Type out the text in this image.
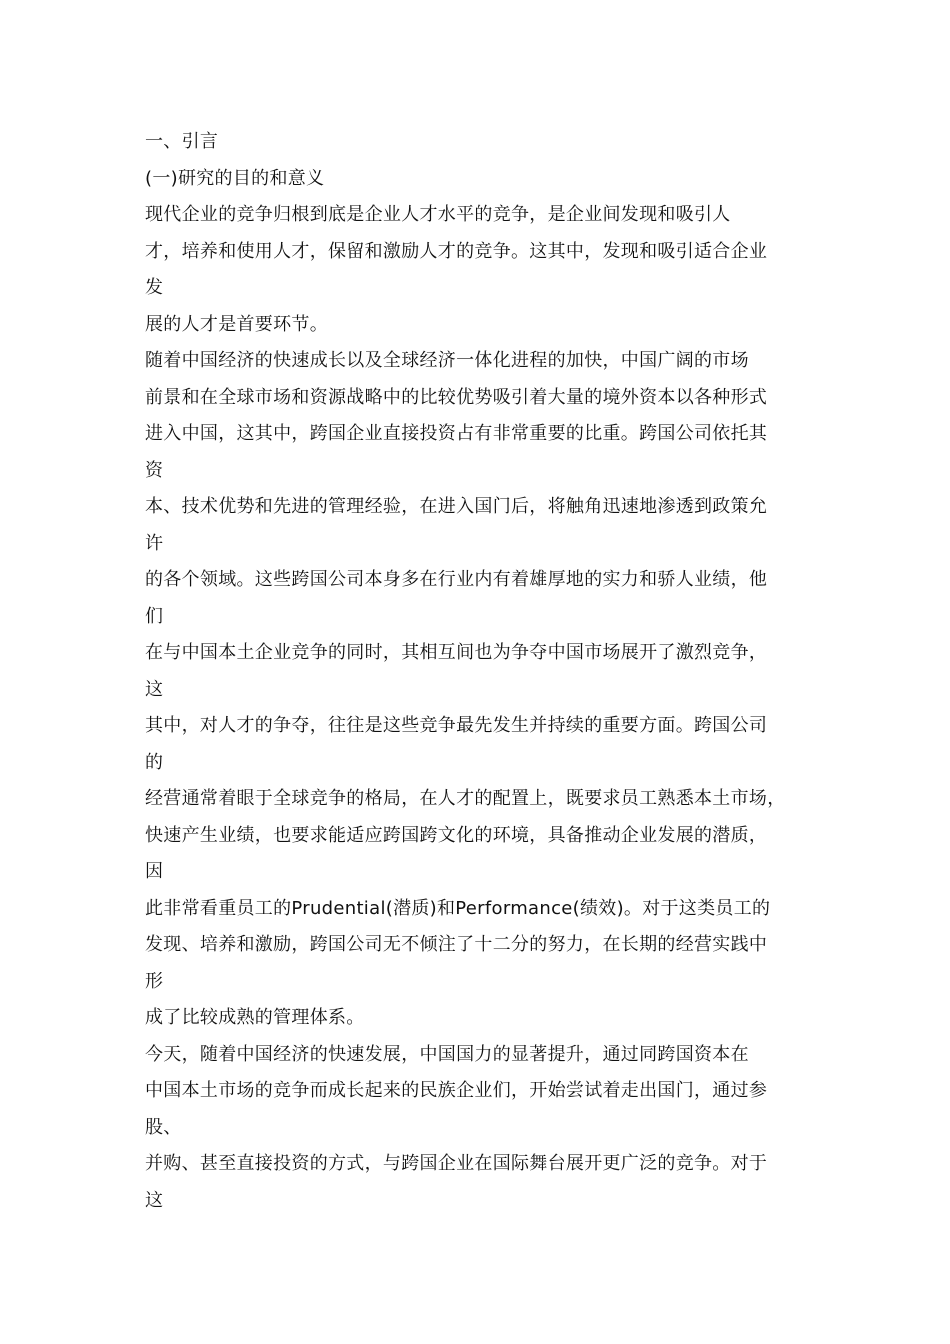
一、引言
(一)研究的目的和意义
现代企业的竞争归根到底是企业人才水平的竞争，是企业间发现和吸引人
才，培养和使用人才，保留和激励人才的竞争。这其中，发现和吸引适合企业
发
展的人才是首要环节。
随着中国经济的快速成长以及全球经济一体化进程的加快，中国广阔的市场
前景和在全球市场和资源战略中的比较优势吸引着大量的境外资本以各种形式
进入中国，这其中，跨国企业直接投资占有非常重要的比重。跨国公司依托其
资
本、技术优势和先进的管理经验，在进入国门后，将触角迅速地渗透到政策允
许
的各个领域。这些跨国公司本身多在行业内有着雄厚地的实力和骄人业绩，他
们
在与中国本土企业竞争的同时，其相互间也为争夺中国市场展开了激烈竞争，
这
其中，对人才的争夺，往往是这些竞争最先发生并持续的重要方面。跨国公司
的
经营通常着眼于全球竞争的格局，在人才的配置上，既要求员工熟悉本土市场，
快速产生业绩，也要求能适应跨国跨文化的环境，具备推动企业发展的潜质，
因
此非常看重员工的Prudential(潜质)和Performance(绩效)。对于这类员工的
发现、培养和激励，跨国公司无不倾注了十二分的努力，在长期的经营实践中
形
成了比较成熟的管理体系。
今天，随着中国经济的快速发展，中国国力的显著提升，通过同跨国资本在
中国本土市场的竞争而成长起来的民族企业们，开始尝试着走出国门，通过参
股、
并购、甚至直接投资的方式，与跨国企业在国际舞台展开更广泛的竞争。对于
这
